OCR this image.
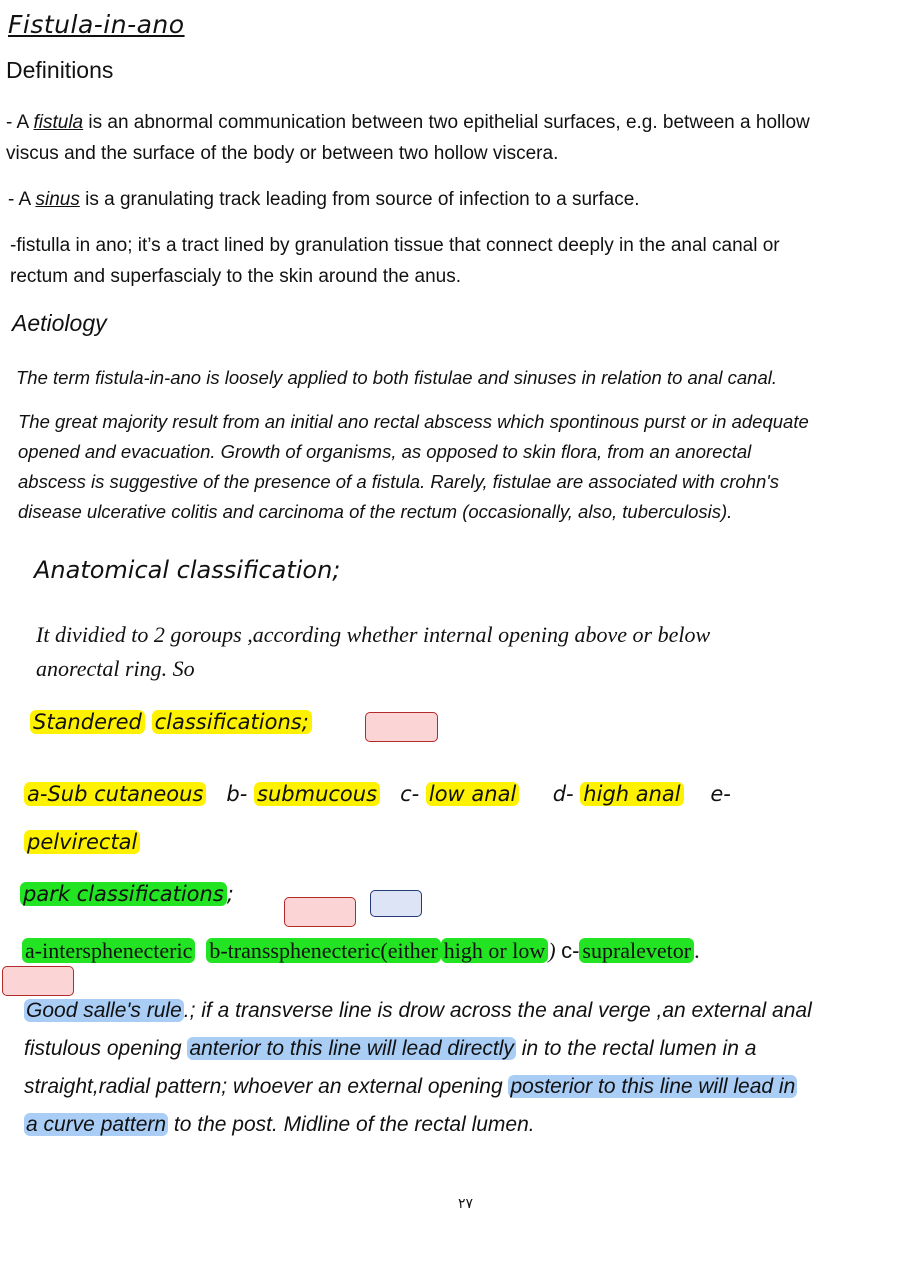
Fistula-in-ano
Definitions
- A fistula is an abnormal communication between two epithelial surfaces, e.g. between a hollow
viscus and the surface of the body or between two hollow viscera.
- A sinus is a granulating track leading from source of infection to a surface.
-fistulla in ano; it’s a tract lined by granulation tissue that connect deeply in the anal canal or
rectum and superfascialy to the skin around the anus.
Aetiology
The term fistula-in-ano is loosely applied to both fistulae and sinuses in relation to anal canal.
The great majority result from an initial ano rectal abscess which spontinous purst or in adequate
opened and evacuation. Growth of organisms, as opposed to skin flora, from an anorectal
abscess is suggestive of the presence of a fistula. Rarely, fistulae are associated with crohn's
disease ulcerative colitis and carcinoma of the rectum (occasionally, also, tuberculosis).
Anatomical classification;
It dividied to 2 goroups ,according whether internal opening above or below
anorectal ring. So
Standered classifications;
a-Sub cutaneous b- submucous c- low anal d- high anal e-
pelvirectal
park classifications ;
a-intersphenecteric b-transsphenecteric(either high or low ) c- supralevetor .
Good salle's rule.; if a transverse line is drow across the anal verge ,an external anal
fistulous opening anterior to this line will lead directly in to the rectal lumen in a
straight,radial pattern; whoever an external opening posterior to this line will lead in
a curve pattern to the post. Midline of the rectal lumen.
٢٧
